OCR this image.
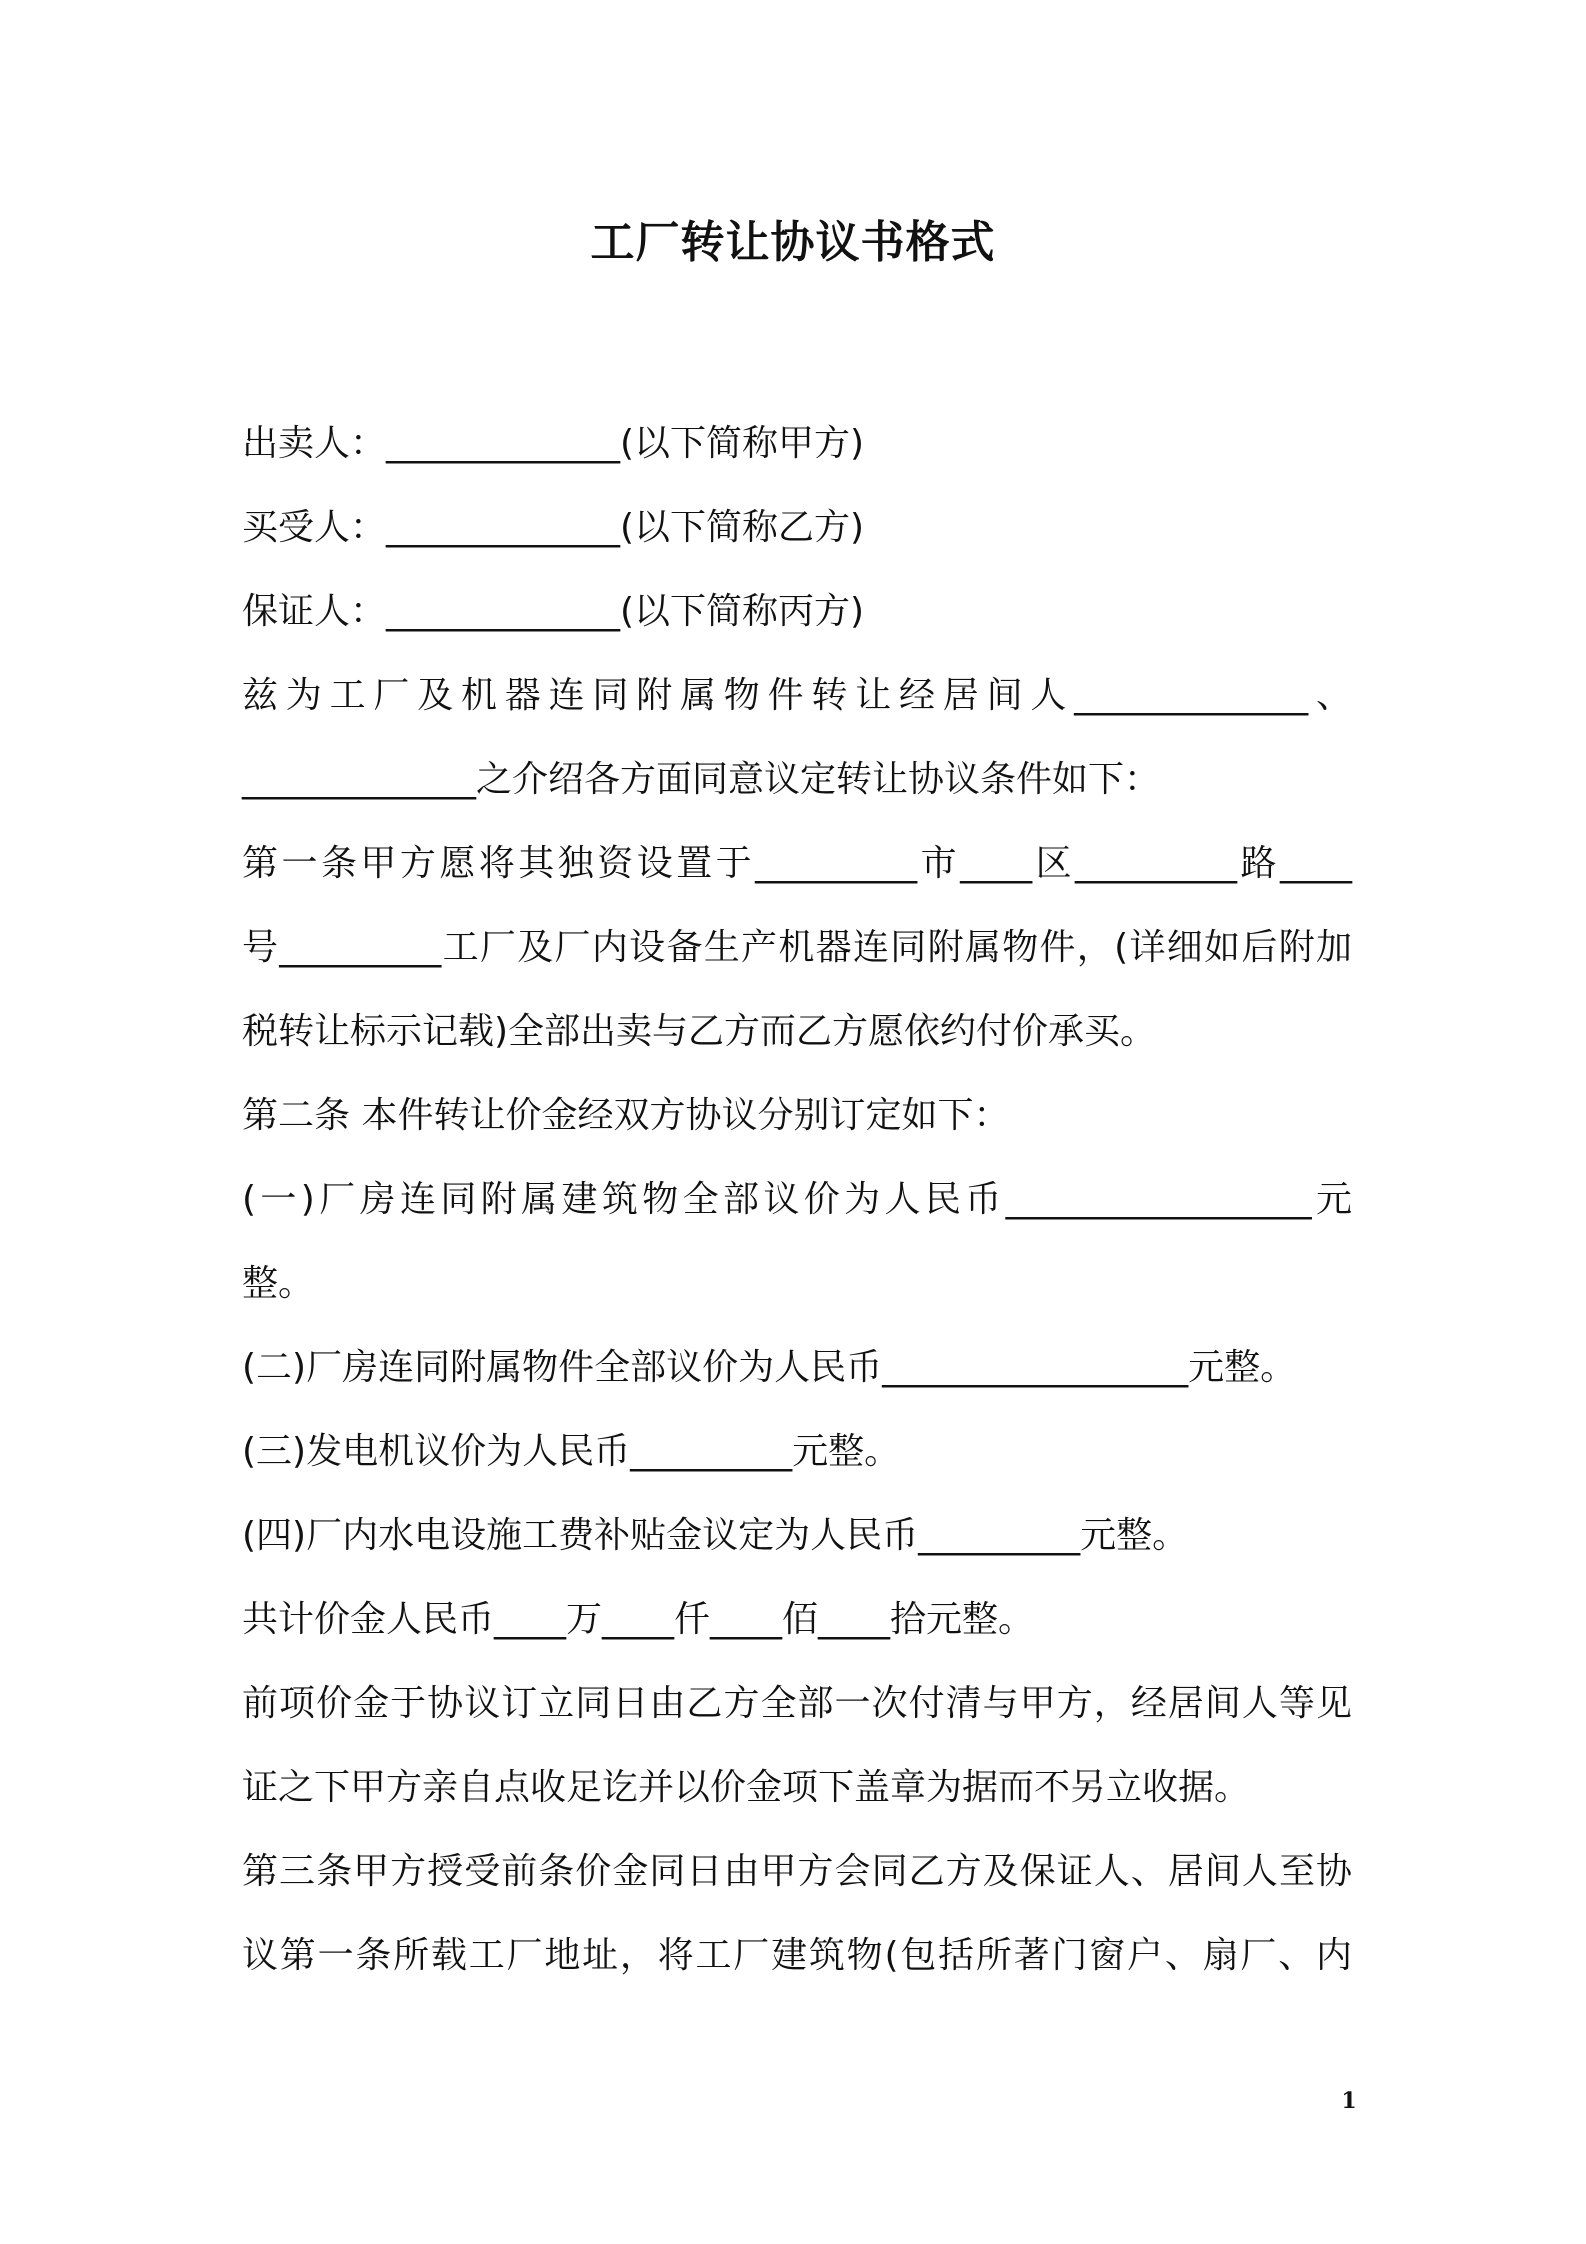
工厂转让协议书格式
出卖人：_____________(以下简称甲方)
买受人：_____________(以下简称乙方)
保证人：_____________(以下简称丙方)
兹为工厂及机器连同附属物件转让经居间人_____________、
_____________之介绍各方面同意议定转让协议条件如下：
第一条甲方愿将其独资设置于_________市____区_________路____
号_________工厂及厂内设备生产机器连同附属物件，(详细如后附加
税转让标示记载)全部出卖与乙方而乙方愿依约付价承买。
第二条 本件转让价金经双方协议分别订定如下：
(一)厂房连同附属建筑物全部议价为人民币_________________元
整。
(二)厂房连同附属物件全部议价为人民币_________________元整。
(三)发电机议价为人民币_________元整。
(四)厂内水电设施工费补贴金议定为人民币_________元整。
共计价金人民币____万____仟____佰____拾元整。
前项价金于协议订立同日由乙方全部一次付清与甲方，经居间人等见
证之下甲方亲自点收足讫并以价金项下盖章为据而不另立收据。
第三条甲方授受前条价金同日由甲方会同乙方及保证人、居间人至协
议第一条所载工厂地址，将工厂建筑物(包括所著门窗户、扇厂、内
1
